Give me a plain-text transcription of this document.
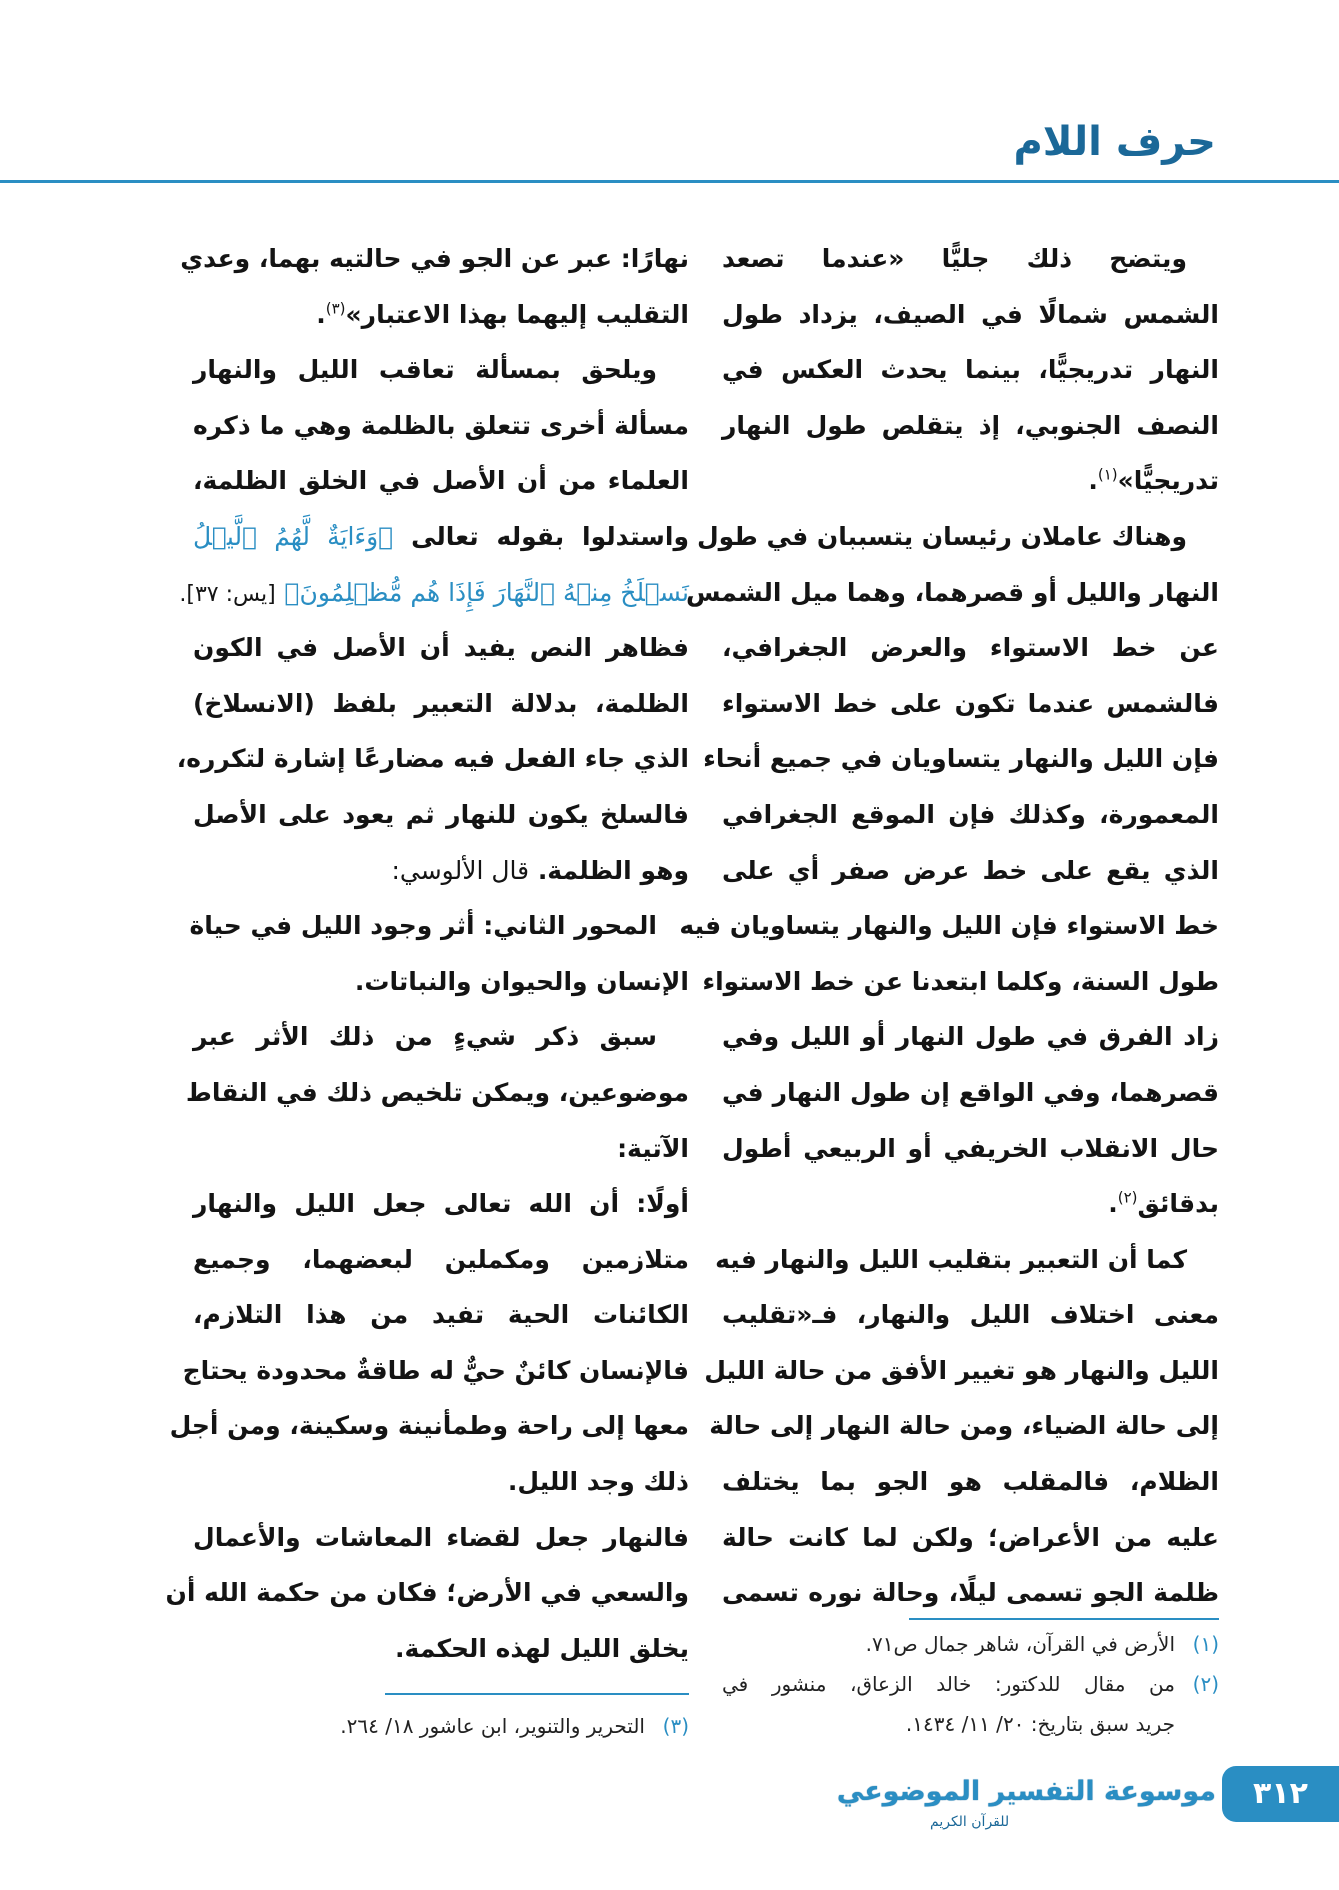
حرف اللام
ويتضح ذلك جليًّا «عندما تصعد
الشمس شمالًا في الصيف، يزداد طول
النهار تدريجيًّا، بينما يحدث العكس في
النصف الجنوبي، إذ يتقلص طول النهار
تدريجيًّا»$^{(١)}$.
وهناك عاملان رئيسان يتسببان في طول
النهار والليل أو قصرهما، وهما ميل الشمس
عن خط الاستواء والعرض الجغرافي،
فالشمس عندما تكون على خط الاستواء
فإن الليل والنهار يتساويان في جميع أنحاء
المعمورة، وكذلك فإن الموقع الجغرافي
الذي يقع على خط عرض صفر أي على
خط الاستواء فإن الليل والنهار يتساويان فيه
طول السنة، وكلما ابتعدنا عن خط الاستواء
زاد الفرق في طول النهار أو الليل وفي
قصرهما، وفي الواقع إن طول النهار في
حال الانقلاب الخريفي أو الربيعي أطول
بدقائق$^{(٢)}$.
كما أن التعبير بتقليب الليل والنهار فيه
معنى اختلاف الليل والنهار، فـ«تقليب
الليل والنهار هو تغيير الأفق من حالة الليل
إلى حالة الضياء، ومن حالة النهار إلى حالة
الظلام، فالمقلب هو الجو بما يختلف
عليه من الأعراض؛ ولكن لما كانت حالة
ظلمة الجو تسمى ليلًا، وحالة نوره تسمى
(١)
الأرض في القرآن، شاهر جمال ص٧١.
(٢)
من مقال للدكتور: خالد الزعاق، منشور في
جريد سبق بتاريخ: ٢٠/ ١١/ ١٤٣٤.
نهارًا: عبر عن الجو في حالتيه بهما، وعدي
التقليب إليهما بهذا الاعتبار»$^{(٣)}$.
ويلحق بمسألة تعاقب الليل والنهار
مسألة أخرى تتعلق بالظلمة وهي ما ذكره
العلماء من أن الأصل في الخلق الظلمة،
واستدلوا بقوله تعالى ﴿وَءَايَةٌ لَّهُمُ ٱلَّيۡلُ
نَسۡلَخُ مِنۡهُ ٱلنَّهَارَ فَإِذَا هُم مُّظۡلِمُونَ﴾ [يس: ٣٧].
فظاهر النص يفيد أن الأصل في الكون
الظلمة، بدلالة التعبير بلفظ (الانسلاخ)
الذي جاء الفعل فيه مضارعًا إشارة لتكرره،
فالسلخ يكون للنهار ثم يعود على الأصل
وهو الظلمة. قال الألوسي:
المحور الثاني: أثر وجود الليل في حياة
الإنسان والحيوان والنباتات.
سبق ذكر شيءٍ من ذلك الأثر عبر
موضوعين، ويمكن تلخيص ذلك في النقاط
الآتية:
أولًا: أن الله تعالى جعل الليل والنهار
متلازمين ومكملين لبعضهما، وجميع
الكائنات الحية تفيد من هذا التلازم،
فالإنسان كائنٌ حيٌّ له طاقةٌ محدودة يحتاج
معها إلى راحة وطمأنينة وسكينة، ومن أجل
ذلك وجد الليل.
فالنهار جعل لقضاء المعاشات والأعمال
والسعي في الأرض؛ فكان من حكمة الله أن
يخلق الليل لهذه الحكمة.
(٣)
التحرير والتنوير، ابن عاشور ١٨/ ٢٦٤.
موسوعة التفسير الموضوعي
للقرآن الكريم
٣١٢
